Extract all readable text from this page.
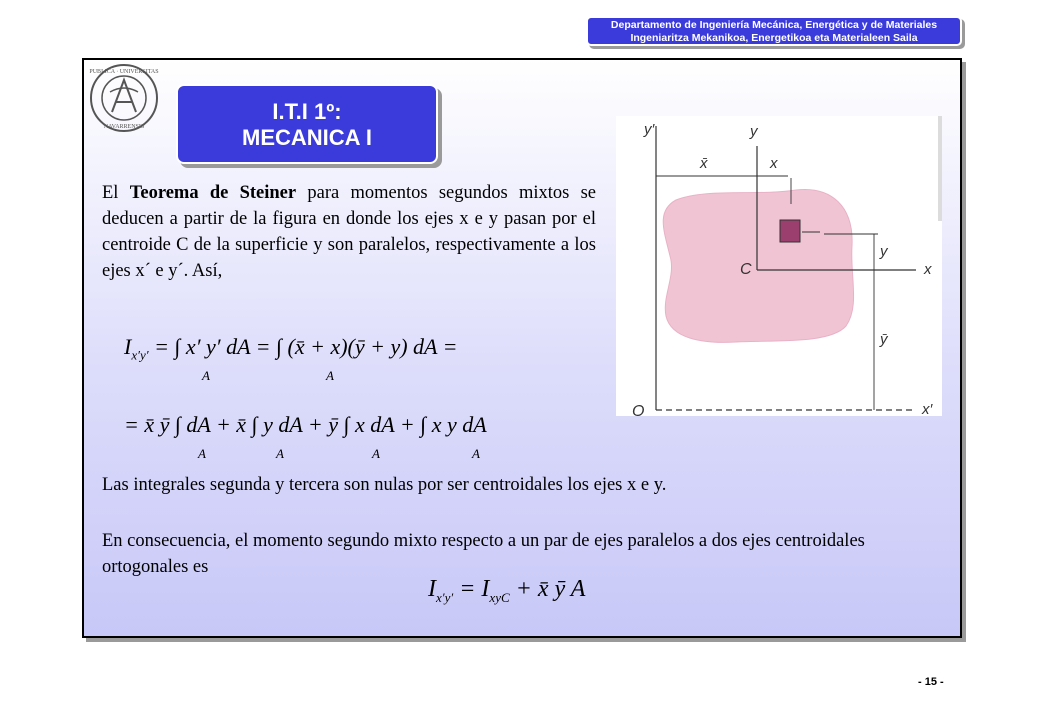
Departamento de Ingeniería Mecánica, Energética y de Materiales
Ingeniaritza Mekanikoa, Energetikoa eta Materialeen Saila
PUBLICA · UNIVERSITAS
NAVARRENSIS
I.T.I 1º:
MECANICA I
El Teorema de Steiner para momentos segundos mixtos se deducen a partir de la figura en donde los ejes x e y pasan por el centroide C de la superficie y son paralelos, respectivamente a los ejes x´ e y´. Así,
y′	y
x̄	x
y
C	x
ȳ
O	x′
$I_{x'y'}$ = ∫ x′ y′ dA = ∫ (x̄ + x)(ȳ + y) dA =
A	A
= x̄ ȳ ∫ dA + x̄ ∫ y dA + ȳ ∫ x dA + ∫ x y dA
A	A	A	A
Las integrales segunda y tercera son nulas por ser centroidales los ejes x e y.
En consecuencia, el momento segundo mixto respecto a un par de ejes paralelos a dos ejes centroidales ortogonales es
$I_{x'y'} = I_{xyC}$ + x̄ ȳ A
- 15 -
